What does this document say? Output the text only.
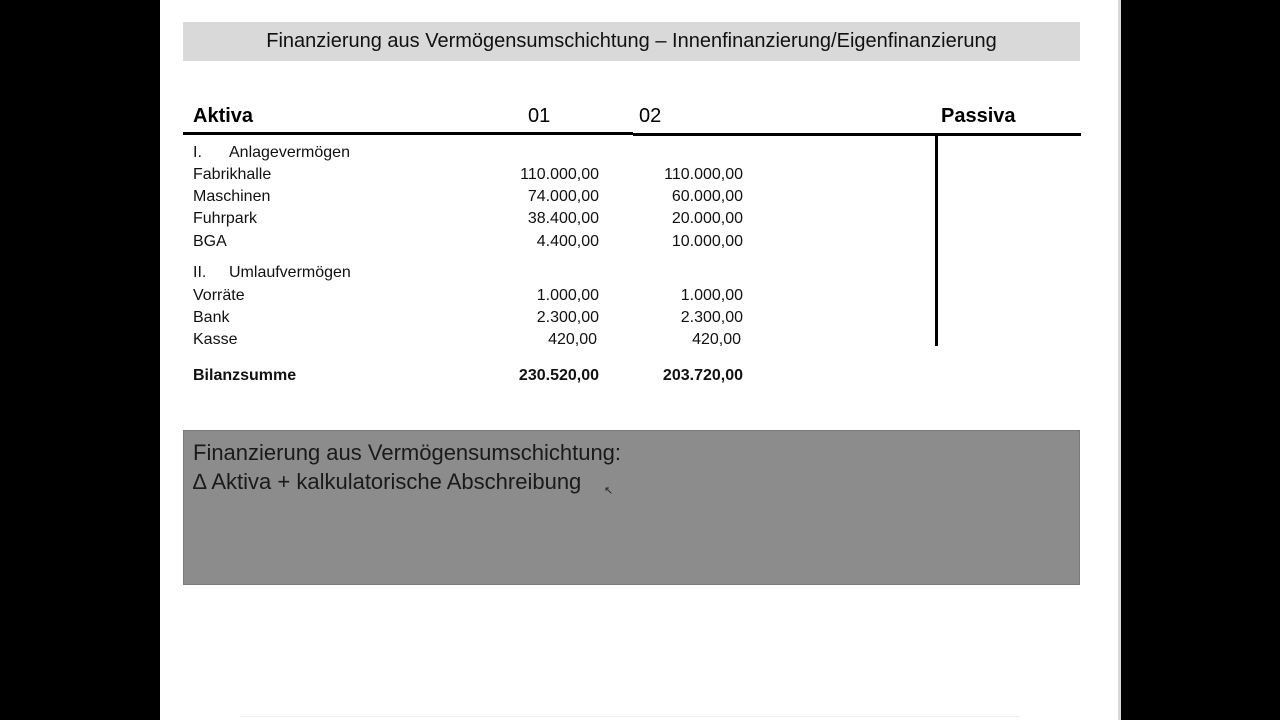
Finanzierung aus Vermögensumschichtung – Innenfinanzierung/Eigenfinanzierung
Aktiva	01	02	Passiva
I. Anlagevermögen
Fabrikhalle	110.000,00	110.000,00
Maschinen	74.000,00	60.000,00
Fuhrpark	38.400,00	20.000,00
BGA	4.400,00	10.000,00
II. Umlaufvermögen
Vorräte	1.000,00	1.000,00
Bank	2.300,00	2.300,00
Kasse	420,00	420,00
Bilanzsumme	230.520,00	203.720,00
Finanzierung aus Vermögensumschichtung:
∆ Aktiva + kalkulatorische Abschreibung ↖
